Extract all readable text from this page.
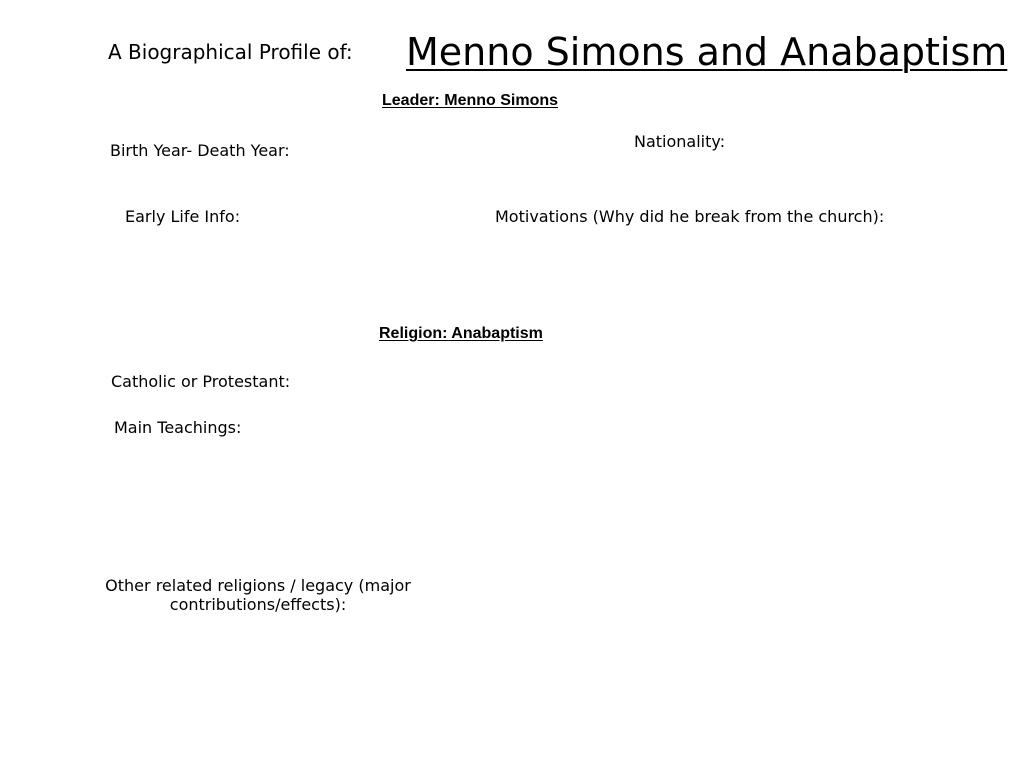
A Biographical Profile of: Menno Simons and Anabaptism
Leader: Menno Simons
Birth Year- Death Year:	Nationality:
Early Life Info:	Motivations (Why did he break from the church):
Religion: Anabaptism
Catholic or Protestant:
Main Teachings:
Other related religions / legacy (major
contributions/effects):
